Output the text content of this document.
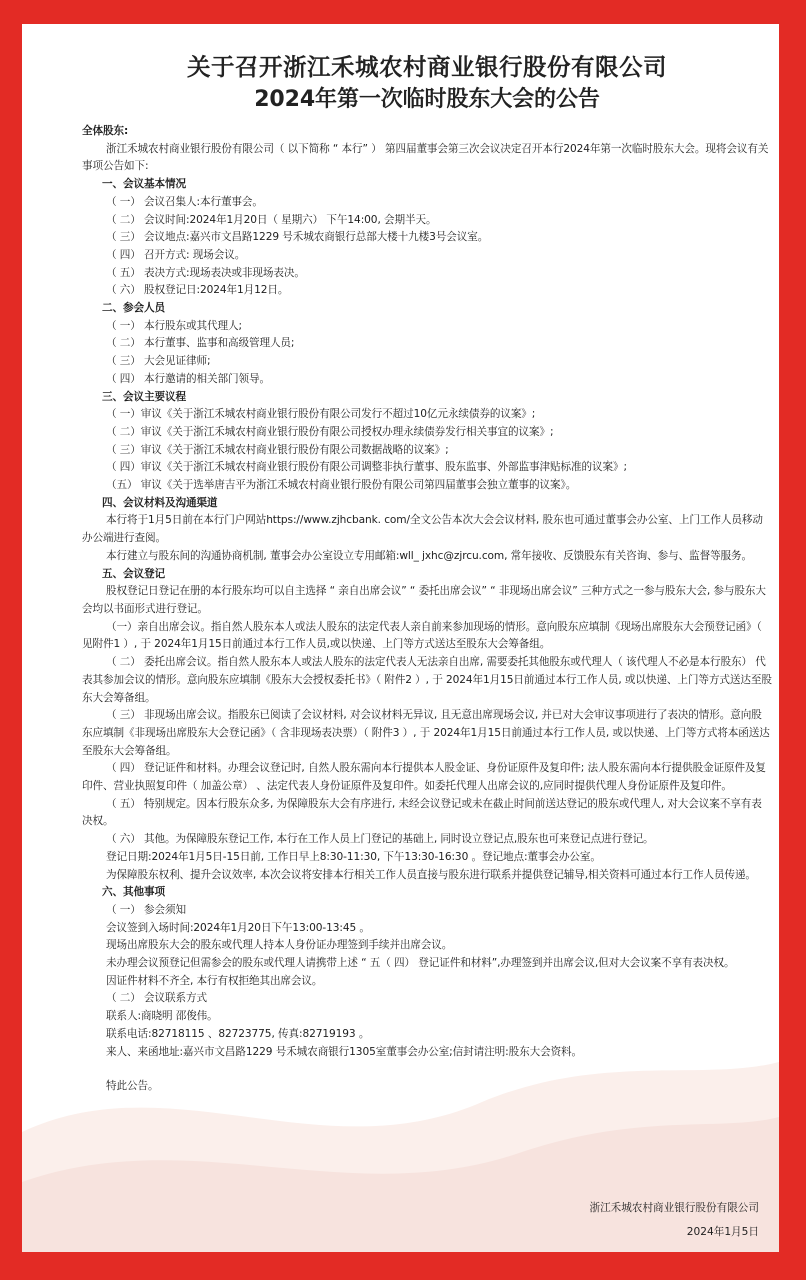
关于召开浙江禾城农村商业银行股份有限公司
2024年第一次临时股东大会的公告

全体股东:

浙江禾城农村商业银行股份有限公司（ 以下简称 “ 本行” ） 第四届董事会第三次会议决定召开本行2024年第一次临时股东大会。现将会议有关事项公告如下:

一、会议基本情况

（ 一） 会议召集人:本行董事会。

（ 二） 会议时间:2024年1月20日（ 星期六） 下午14:00, 会期半天。

（ 三） 会议地点:嘉兴市文昌路1229 号禾城农商银行总部大楼十九楼3号会议室。

（ 四） 召开方式: 现场会议。

（ 五） 表决方式:现场表决或非现场表决。

（ 六） 股权登记日:2024年1月12日。

二、参会人员

（ 一） 本行股东或其代理人;

（ 二） 本行董事、监事和高级管理人员;

（ 三） 大会见证律师;

（ 四） 本行邀请的相关部门领导。

三、会议主要议程

（ 一）审议《关于浙江禾城农村商业银行股份有限公司发行不超过10亿元永续债券的议案》;

（ 二）审议《关于浙江禾城农村商业银行股份有限公司授权办理永续债券发行相关事宜的议案》;

（ 三）审议《关于浙江禾城农村商业银行股份有限公司数据战略的议案》;

（ 四）审议《关于浙江禾城农村商业银行股份有限公司调整非执行董事、股东监事、外部监事津贴标准的议案》;

（五） 审议《关于选举唐吉平为浙江禾城农村商业银行股份有限公司第四届董事会独立董事的议案》。

四、会议材料及沟通渠道

本行将于1月5日前在本行门户网站https://www.zjhcbank. com/全文公告本次大会会议材料, 股东也可通过董事会办公室、上门工作人员移动办公端进行查阅。

本行建立与股东间的沟通协商机制, 董事会办公室设立专用邮箱:wll_ jxhc@zjrcu.com, 常年接收、反馈股东有关咨询、参与、监督等服务。

五、会议登记

股权登记日登记在册的本行股东均可以自主选择 “ 亲自出席会议” “ 委托出席会议” “ 非现场出席会议” 三种方式之一参与股东大会, 参与股东大会均以书面形式进行登记。

（一）亲自出席会议。指自然人股东本人或法人股东的法定代表人亲自前来参加现场的情形。意向股东应填制《现场出席股东大会预登记函》（ 见附件1 ）, 于 2024年1月15日前通过本行工作人员,或以快递、上门等方式送达至股东大会筹备组。

（ 二） 委托出席会议。指自然人股东本人或法人股东的法定代表人无法亲自出席, 需要委托其他股东或代理人（ 该代理人不必是本行股东） 代表其参加会议的情形。意向股东应填制《股东大会授权委托书》（ 附件2 ）, 于 2024年1月15日前通过本行工作人员, 或以快递、上门等方式送达至股东大会筹备组。

（ 三） 非现场出席会议。指股东已阅读了会议材料, 对会议材料无异议, 且无意出席现场会议, 并已对大会审议事项进行了表决的情形。意向股东应填制《非现场出席股东大会登记函》（ 含非现场表决票）（ 附件3 ）, 于 2024年1月15日前通过本行工作人员, 或以快递、上门等方式将本函送达至股东大会筹备组。

（ 四） 登记证件和材料。办理会议登记时, 自然人股东需向本行提供本人股金证、身份证原件及复印件; 法人股东需向本行提供股金证原件及复印件、营业执照复印件（ 加盖公章） 、法定代表人身份证原件及复印件。如委托代理人出席会议的,应同时提供代理人身份证原件及复印件。

（ 五） 特别规定。因本行股东众多, 为保障股东大会有序进行, 未经会议登记或未在截止时间前送达登记的股东或代理人, 对大会议案不享有表决权。

（ 六） 其他。为保障股东登记工作, 本行在工作人员上门登记的基础上, 同时设立登记点,股东也可来登记点进行登记。

登记日期:2024年1月5日-15日前, 工作日早上8:30-11:30, 下午13:30-16:30 。登记地点:董事会办公室。

为保障股东权利、提升会议效率, 本次会议将安排本行相关工作人员直接与股东进行联系并提供登记辅导,相关资料可通过本行工作人员传递。

六、其他事项

（ 一） 参会须知

会议签到入场时间:2024年1月20日下午13:00-13:45 。

现场出席股东大会的股东或代理人持本人身份证办理签到手续并出席会议。

未办理会议预登记但需参会的股东或代理人请携带上述 “ 五（ 四） 登记证件和材料”,办理签到并出席会议,但对大会议案不享有表决权。

因证件材料不齐全, 本行有权拒绝其出席会议。

（ 二） 会议联系方式

联系人:商晓明 邵俊伟。

联系电话:82718115 、82723775, 传真:82719193 。

来人、来函地址:嘉兴市文昌路1229 号禾城农商银行1305室董事会办公室;信封请注明:股东大会资料。

特此公告。

浙江禾城农村商业银行股份有限公司
2024年1月5日
